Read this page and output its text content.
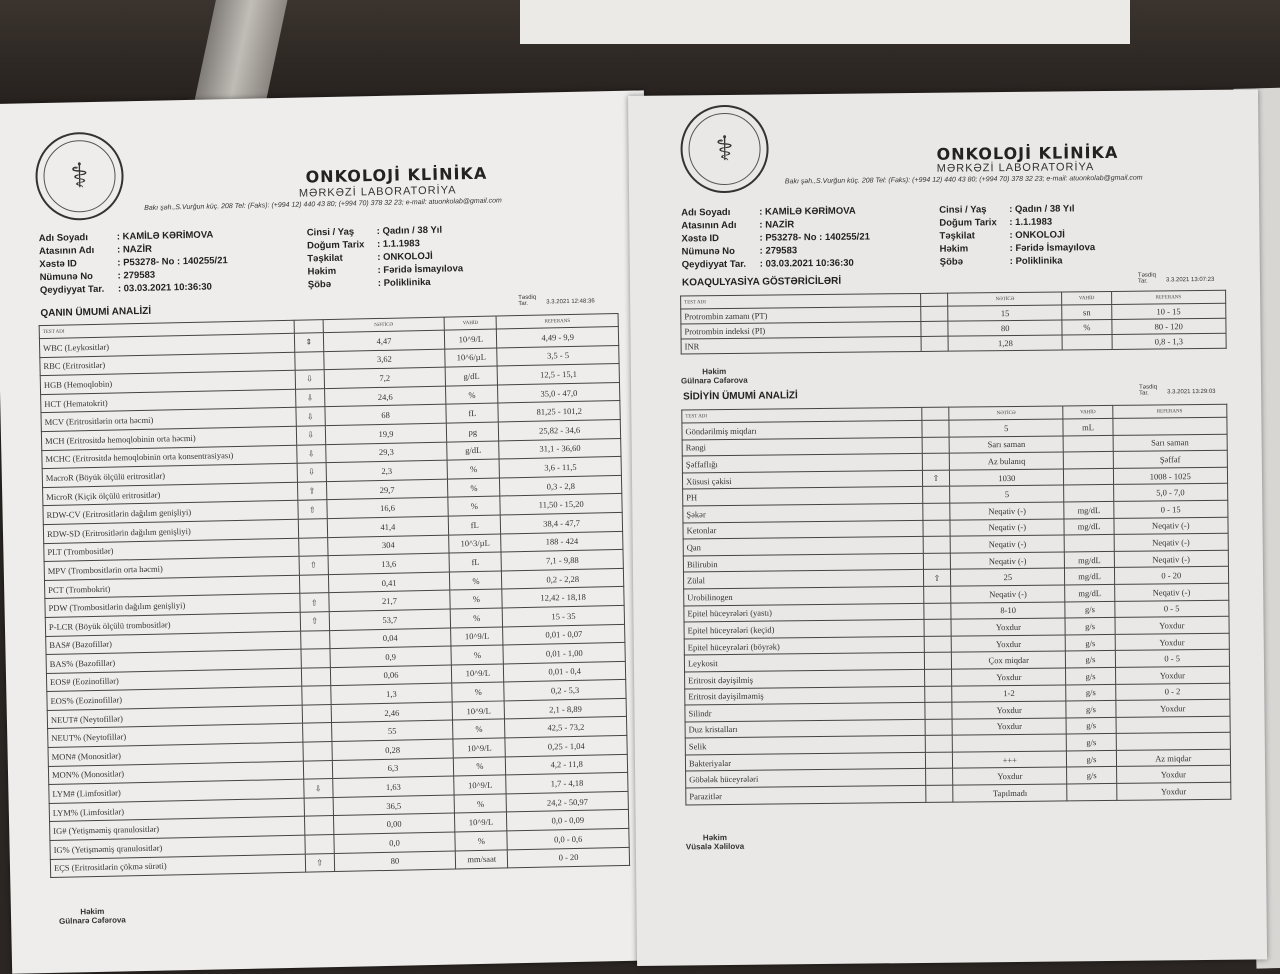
⚕	ONKOLOJİ KLİNİKA
MƏRKƏZİ LABORATORİYA
Bakı şəh.,S.Vurğun küç. 208 Tel: (Faks): (+994 12) 440 43 80; (+994 70) 378 32 23; e-mail: atuonkolab@gmail.com
Adı Soyadı	: KAMİLƏ KƏRİMOVA
Atasının Adı	: NAZİR
Xəstə ID	: P53278- No : 140255/21
Nümunə No	: 279583
Qeydiyyat Tar.	: 03.03.2021 10:36:30
Cinsi / Yaş	: Qadın / 38 Yıl
Doğum Tarix	: 1.1.1983
Təşkilat	: ONKOLOJİ
Həkim	: Fəridə İsmayılova
Şöbə	: Poliklinika
QANIN ÜMUMİ ANALİZİ
Təsdiq Tar.	3.3.2021 12:48:36
TEST ADI		NƏTİCƏ	VAHİD	REFERANS
WBC (Leykositlər)	⇕	4,47	10^9/L	4,49 - 9,9
RBC (Eritrositlər)		3,62	10^6/µL	3,5 - 5
HGB (Hemoqlobin)	⇩	7,2	g/dL	12,5 - 15,1
HCT (Hematokrit)	⇩	24,6	%	35,0 - 47,0
MCV (Eritrositlərin orta həcmi)	⇩	68	fL	81,25 - 101,2
MCH (Eritrositdə hemoqlobinin orta həcmi)	⇩	19,9	pg	25,82 - 34,6
MCHC (Eritrositdə hemoqlobinin orta konsentrasiyası)	⇩	29,3	g/dL	31,1 - 36,60
MacroR (Böyük ölçülü eritrositlər)	⇩	2,3	%	3,6 - 11,5
MicroR (Kiçik ölçülü eritrositlər)	⇧	29,7	%	0,3 - 2,8
RDW-CV (Eritrositlərin dağılım genişliyi)	⇧	16,6	%	11,50 - 15,20
RDW-SD (Eritrositlərin dağılım genişliyi)		41,4	fL	38,4 - 47,7
PLT (Trombositlər)		304	10^3/µL	188 - 424
MPV (Trombositlərin orta həcmi)	⇧	13,6	fL	7,1 - 9,88
PCT (Trombokrit)		0,41	%	0,2 - 2,28
PDW (Trombositlərin dağılım genişliyi)	⇧	21,7	%	12,42 - 18,18
P-LCR (Böyük ölçülü trombositlər)	⇧	53,7	%	15 - 35
BAS# (Bazofillər)		0,04	10^9/L	0,01 - 0,07
BAS% (Bazofillər)		0,9	%	0,01 - 1,00
EOS# (Eozinofillər)		0,06	10^9/L	0,01 - 0,4
EOS% (Eozinofillər)		1,3	%	0,2 - 5,3
NEUT# (Neytofillər)		2,46	10^9/L	2,1 - 8,89
NEUT% (Neytofillər)		55	%	42,5 - 73,2
MON# (Monositlər)		0,28	10^9/L	0,25 - 1,04
MON% (Monositlər)		6,3	%	4,2 - 11,8
LYM# (Limfositlər)	⇩	1,63	10^9/L	1,7 - 4,18
LYM% (Limfositlər)		36,5	%	24,2 - 50,97
IG# (Yetişməmiş qranulositlər)		0,00	10^9/L	0,0 - 0,09
IG% (Yetişməmiş qranulositlər)		0,0	%	0,0 - 0,6
EÇS (Eritrositlərin çökmə sürəti)	⇧	80	mm/saat	0 - 20
Həkim
Gülnarə Cəfərova
⚕	ONKOLOJİ KLİNİKA
MƏRKƏZİ LABORATORİYA
Bakı şəh.,S.Vurğun küç. 208 Tel: (Faks): (+994 12) 440 43 80; (+994 70) 378 32 23; e-mail: atuonkolab@gmail.com
Adı Soyadı	: KAMİLƏ KƏRİMOVA
Atasının Adı	: NAZİR
Xəstə ID	: P53278- No : 140255/21
Nümunə No	: 279583
Qeydiyyat Tar.	: 03.03.2021 10:36:30
Cinsi / Yaş	: Qadın / 38 Yıl
Doğum Tarix	: 1.1.1983
Təşkilat	: ONKOLOJİ
Həkim	: Fəridə İsmayılova
Şöbə	: Poliklinika
KOAQULYASİYA GÖSTƏRİCİLƏRİ
Təsdiq Tar.	3.3.2021 13:07:23
TEST ADI		NƏTİCƏ	VAHİD	REFERANS
Protrombin zamanı (PT)		15	sn	10 - 15
Protrombin indeksi (PI)		80	%	80 - 120
INR		1,28		0,8 - 1,3
Həkim
Gülnarə Cəfərova
SİDİYİN ÜMUMİ ANALİZİ
Təsdiq Tar.	3.3.2021 13:29:03
TEST ADI		NƏTİCƏ	VAHİD	REFERANS
Göndərilmiş miqdarı		5	mL	
Rəngi		Sarı saman		Sarı saman
Şəffaflığı		Az bulanıq		Şəffaf
Xüsusi çəkisi	⇧	1030		1008 - 1025
PH		5		5,0 - 7,0
Şəkər		Neqativ (-)	mg/dL	0 - 15
Ketonlar		Neqativ (-)	mg/dL	Neqativ (-)
Qan		Neqativ (-)		Neqativ (-)
Bilirubin		Neqativ (-)	mg/dL	Neqativ (-)
Zülal	⇧	25	mg/dL	0 - 20
Urobilinogen		Neqativ (-)	mg/dL	Neqativ (-)
Epitel hüceyrələri (yastı)		8-10	g/s	0 - 5
Epitel hüceyrələri (keçid)		Yoxdur	g/s	Yoxdur
Epitel hüceyrələri (böyrək)		Yoxdur	g/s	Yoxdur
Leykosit		Çox miqdar	g/s	0 - 5
Eritrosit dəyişilmiş		Yoxdur	g/s	Yoxdur
Eritrosit dəyişilməmiş		1-2	g/s	0 - 2
Silindr		Yoxdur	g/s	Yoxdur
Duz kristalları		Yoxdur	g/s	
Selik			g/s	
Bakteriyalar		+++	g/s	Az miqdar
Göbələk hüceyrələri		Yoxdur	g/s	Yoxdur
Parazitlər		Tapılmadı		Yoxdur
Həkim
Vüsalə Xəlilova
